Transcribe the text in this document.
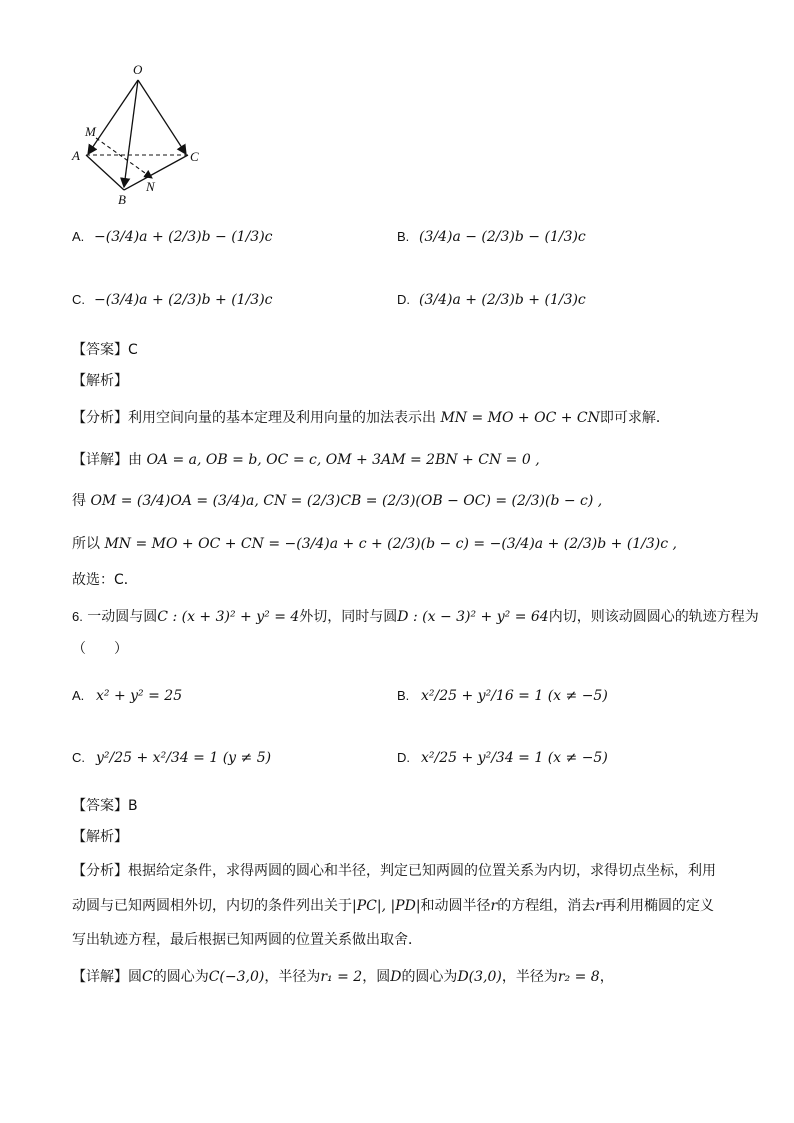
O
M
A	C
N
B
A. −(3/4)a + (2/3)b − (1/3)c	B. (3/4)a − (2/3)b − (1/3)c
C. −(3/4)a + (2/3)b + (1/3)c	D. (3/4)a + (2/3)b + (1/3)c
【答案】C
【解析】
【分析】利用空间向量的基本定理及利用向量的加法表示出 MN = MO + OC + CN即可求解．
【详解】由 OA = a, OB = b, OC = c, OM + 3AM = 2BN + CN = 0 ,
得 OM = (3/4)OA = (3/4)a, CN = (2/3)CB = (2/3)(OB − OC) = (2/3)(b − c) ,
所以 MN = MO + OC + CN = −(3/4)a + c + (2/3)(b − c) = −(3/4)a + (2/3)b + (1/3)c ,
故选：C．
6. 一动圆与圆C : (x + 3)² + y² = 4外切，同时与圆D : (x − 3)² + y² = 64内切，则该动圆圆心的轨迹方程为
（　　）
A. x² + y² = 25	B. x²/25 + y²/16 = 1 (x ≠ −5)
C. y²/25 + x²/34 = 1 (y ≠ 5)	D. x²/25 + y²/34 = 1 (x ≠ −5)
【答案】B
【解析】
【分析】根据给定条件，求得两圆的圆心和半径，判定已知两圆的位置关系为内切，求得切点坐标，利用
动圆与已知两圆相外切，内切的条件列出关于|PC|, |PD|和动圆半径r的方程组，消去r再利用椭圆的定义
写出轨迹方程，最后根据已知两圆的位置关系做出取舍．
【详解】圆C的圆心为C(−3,0)，半径为r₁ = 2，圆D的圆心为D(3,0)，半径为r₂ = 8，
